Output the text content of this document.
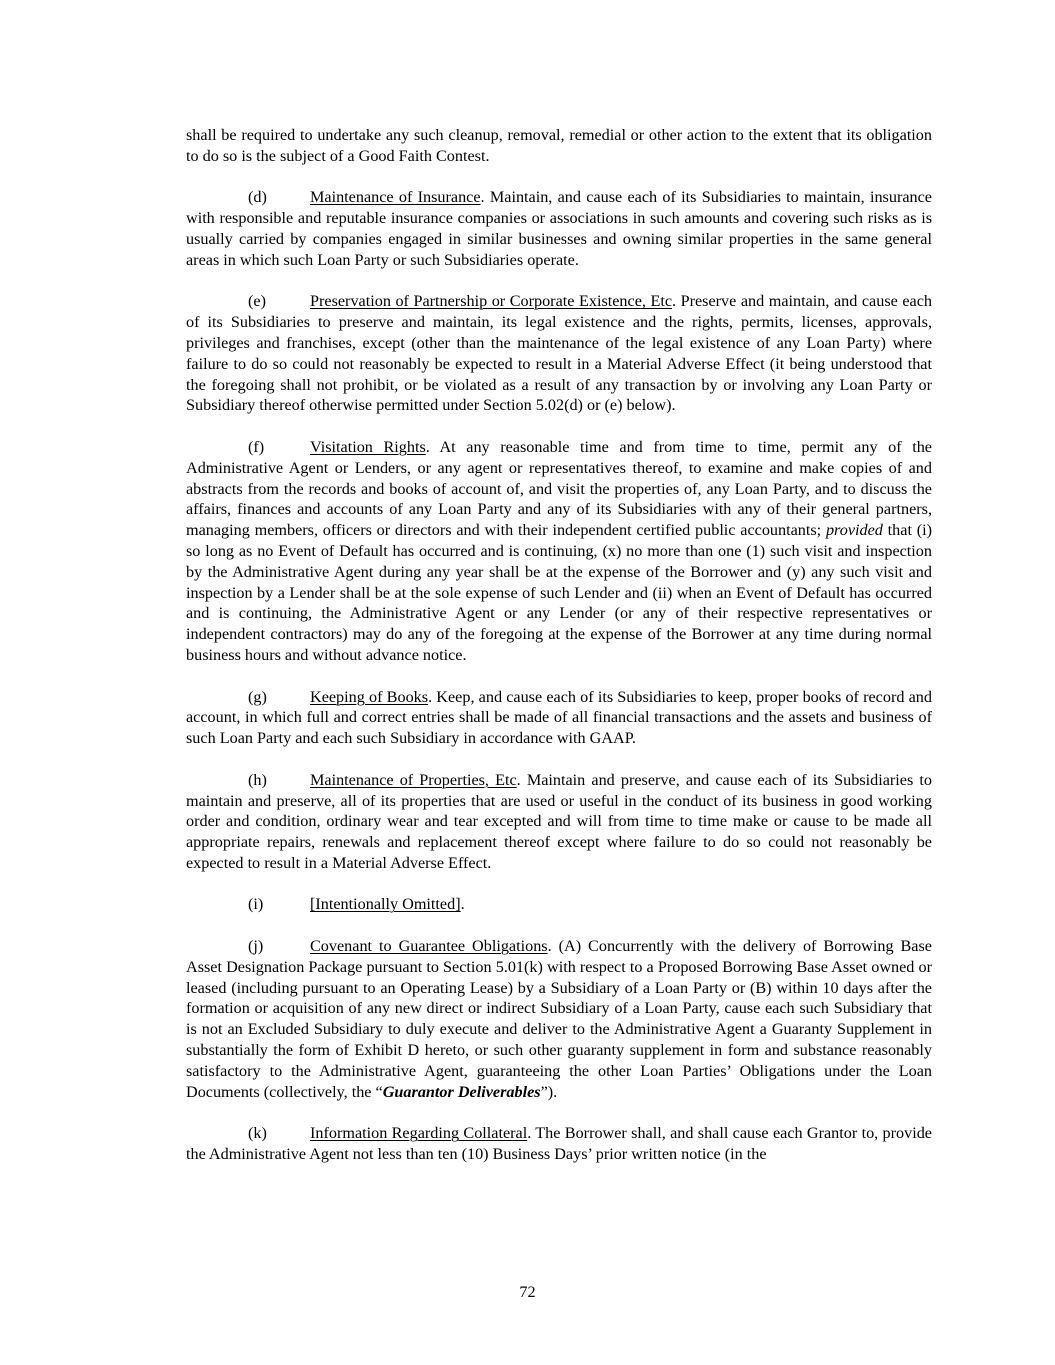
shall be required to undertake any such cleanup, removal, remedial or other action to the extent that its obligation to do so is the subject of a Good Faith Contest.

(d)	Maintenance of Insurance. Maintain, and cause each of its Subsidiaries to maintain, insurance with responsible and reputable insurance companies or associations in such amounts and covering such risks as is usually carried by companies engaged in similar businesses and owning similar properties in the same general areas in which such Loan Party or such Subsidiaries operate.

(e)	Preservation of Partnership or Corporate Existence, Etc. Preserve and maintain, and cause each of its Subsidiaries to preserve and maintain, its legal existence and the rights, permits, licenses, approvals, privileges and franchises, except (other than the maintenance of the legal existence of any Loan Party) where failure to do so could not reasonably be expected to result in a Material Adverse Effect (it being understood that the foregoing shall not prohibit, or be violated as a result of any transaction by or involving any Loan Party or Subsidiary thereof otherwise permitted under Section 5.02(d) or (e) below).

(f)	Visitation Rights. At any reasonable time and from time to time, permit any of the Administrative Agent or Lenders, or any agent or representatives thereof, to examine and make copies of and abstracts from the records and books of account of, and visit the properties of, any Loan Party, and to discuss the affairs, finances and accounts of any Loan Party and any of its Subsidiaries with any of their general partners, managing members, officers or directors and with their independent certified public accountants; provided that (i) so long as no Event of Default has occurred and is continuing, (x) no more than one (1) such visit and inspection by the Administrative Agent during any year shall be at the expense of the Borrower and (y) any such visit and inspection by a Lender shall be at the sole expense of such Lender and (ii) when an Event of Default has occurred and is continuing, the Administrative Agent or any Lender (or any of their respective representatives or independent contractors) may do any of the foregoing at the expense of the Borrower at any time during normal business hours and without advance notice.

(g)	Keeping of Books. Keep, and cause each of its Subsidiaries to keep, proper books of record and account, in which full and correct entries shall be made of all financial transactions and the assets and business of such Loan Party and each such Subsidiary in accordance with GAAP.

(h)	Maintenance of Properties, Etc. Maintain and preserve, and cause each of its Subsidiaries to maintain and preserve, all of its properties that are used or useful in the conduct of its business in good working order and condition, ordinary wear and tear excepted and will from time to time make or cause to be made all appropriate repairs, renewals and replacement thereof except where failure to do so could not reasonably be expected to result in a Material Adverse Effect.

(i)	[Intentionally Omitted].

(j)	Covenant to Guarantee Obligations. (A) Concurrently with the delivery of Borrowing Base Asset Designation Package pursuant to Section 5.01(k) with respect to a Proposed Borrowing Base Asset owned or leased (including pursuant to an Operating Lease) by a Subsidiary of a Loan Party or (B) within 10 days after the formation or acquisition of any new direct or indirect Subsidiary of a Loan Party, cause each such Subsidiary that is not an Excluded Subsidiary to duly execute and deliver to the Administrative Agent a Guaranty Supplement in substantially the form of Exhibit D hereto, or such other guaranty supplement in form and substance reasonably satisfactory to the Administrative Agent, guaranteeing the other Loan Parties’ Obligations under the Loan Documents (collectively, the “Guarantor Deliverables”).

(k)	Information Regarding Collateral. The Borrower shall, and shall cause each Grantor to, provide the Administrative Agent not less than ten (10) Business Days’ prior written notice (in the

72
